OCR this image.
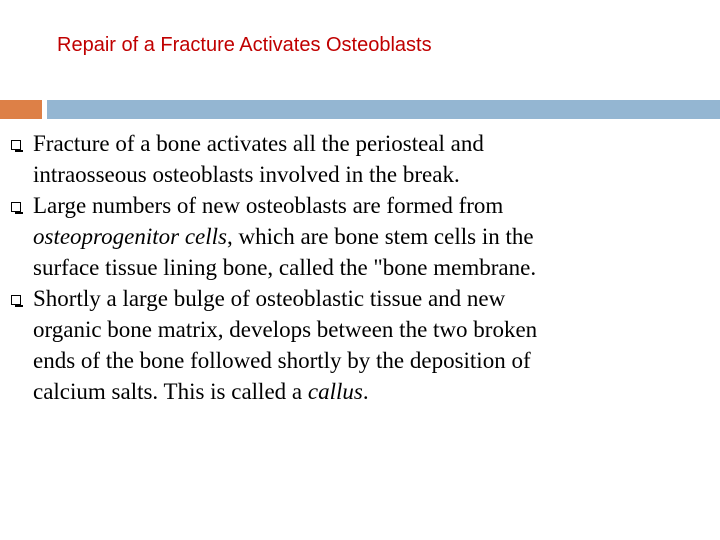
Repair of a Fracture Activates Osteoblasts
Fracture of a bone activates all the periosteal and
intraosseous osteoblasts involved in the break.
Large numbers of new osteoblasts are formed from
osteoprogenitor cells, which are bone stem cells in the
surface tissue lining bone, called the "bone membrane.
Shortly a large bulge of osteoblastic tissue and new
organic bone matrix, develops between the two broken
ends of the bone followed shortly by the deposition of
calcium salts. This is called a callus.
